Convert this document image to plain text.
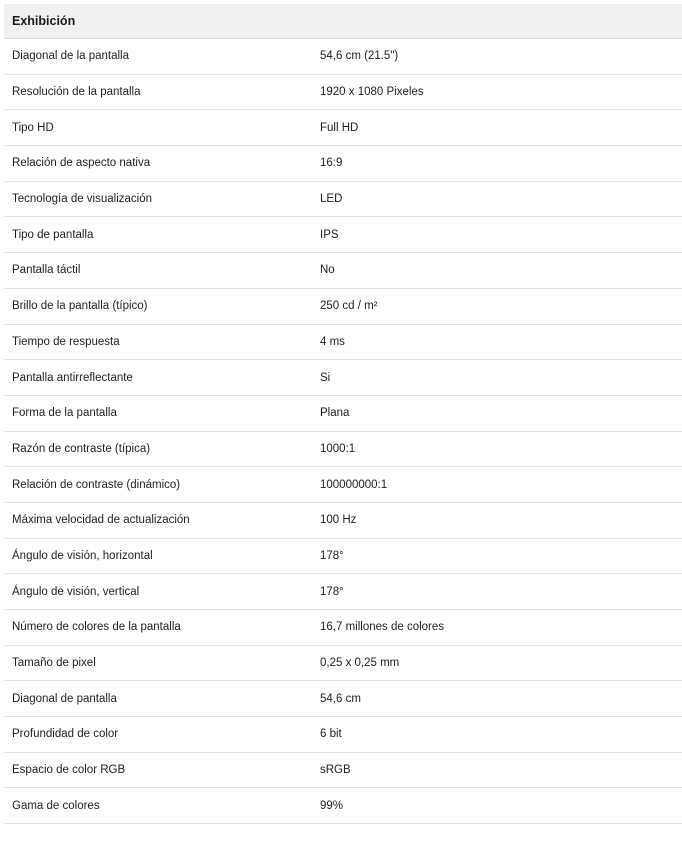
Exhibición
Diagonal de la pantalla	54,6 cm (21.5")
Resolución de la pantalla	1920 x 1080 Pixeles
Tipo HD	Full HD
Relación de aspecto nativa	16:9
Tecnología de visualización	LED
Tipo de pantalla	IPS
Pantalla táctil	No
Brillo de la pantalla (típico)	250 cd / m²
Tiempo de respuesta	4 ms
Pantalla antirreflectante	Si
Forma de la pantalla	Plana
Razón de contraste (típica)	1000:1
Relación de contraste (dinámico)	100000000:1
Máxima velocidad de actualización	100 Hz
Ángulo de visión, horizontal	178°
Ángulo de visión, vertical	178°
Número de colores de la pantalla	16,7 millones de colores
Tamaño de pixel	0,25 x 0,25 mm
Diagonal de pantalla	54,6 cm
Profundidad de color	6 bit
Espacio de color RGB	sRGB
Gama de colores	99%
